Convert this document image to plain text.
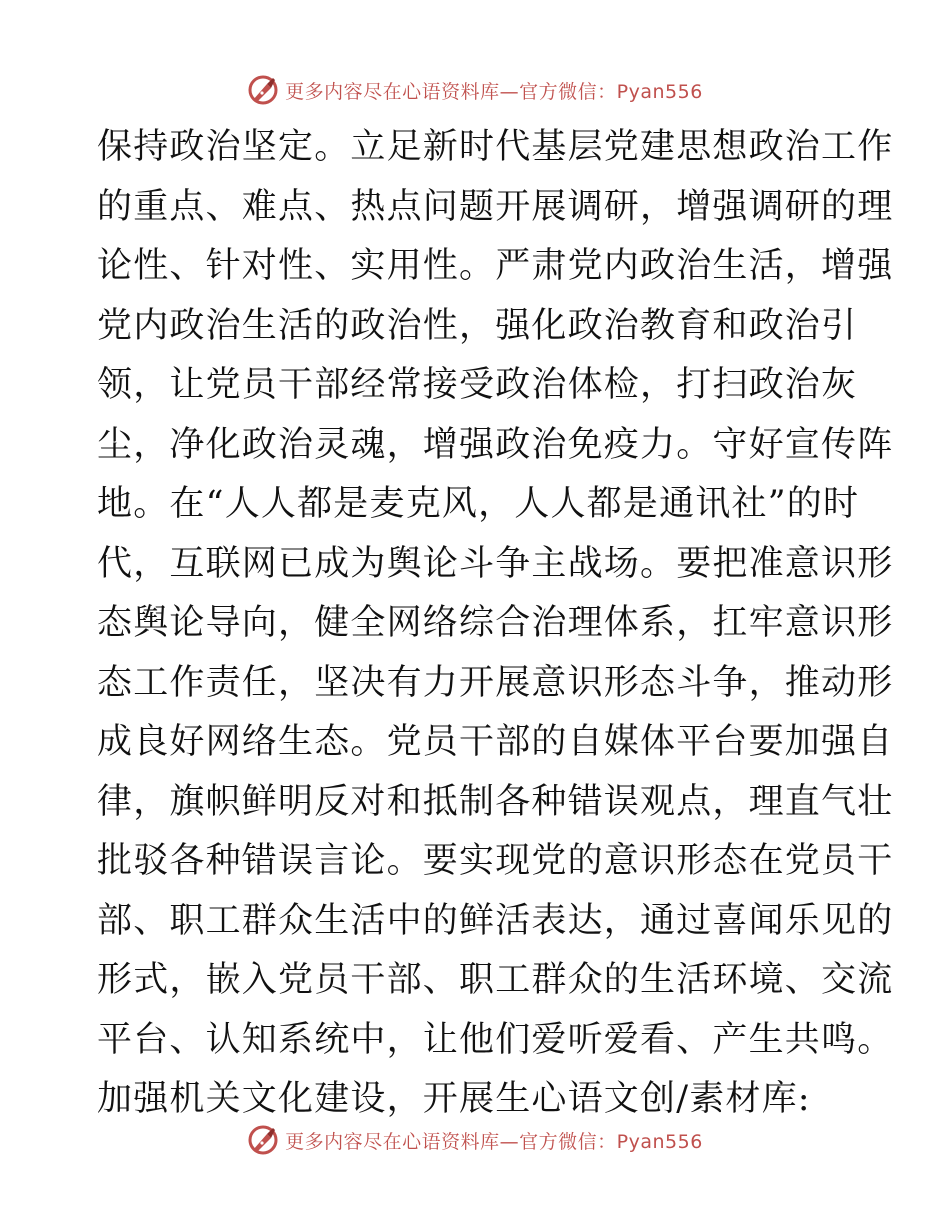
更多内容尽在心语资料库—官方微信：Pyan556
保持政治坚定。立足新时代基层党建思想政治工作
的重点、难点、热点问题开展调研，增强调研的理
论性、针对性、实用性。严肃党内政治生活，增强
党内政治生活的政治性，强化政治教育和政治引
领，让党员干部经常接受政治体检，打扫政治灰
尘，净化政治灵魂，增强政治免疫力。守好宣传阵
地。在“人人都是麦克风，人人都是通讯社”的时
代，互联网已成为舆论斗争主战场。要把准意识形
态舆论导向，健全网络综合治理体系，扛牢意识形
态工作责任，坚决有力开展意识形态斗争，推动形
成良好网络生态。党员干部的自媒体平台要加强自
律，旗帜鲜明反对和抵制各种错误观点，理直气壮
批驳各种错误言论。要实现党的意识形态在党员干
部、职工群众生活中的鲜活表达，通过喜闻乐见的
形式，嵌入党员干部、职工群众的生活环境、交流
平台、认知系统中，让他们爱听爱看、产生共鸣。
加强机关文化建设，开展生心语文创/素材库:
更多内容尽在心语资料库—官方微信：Pyan556
